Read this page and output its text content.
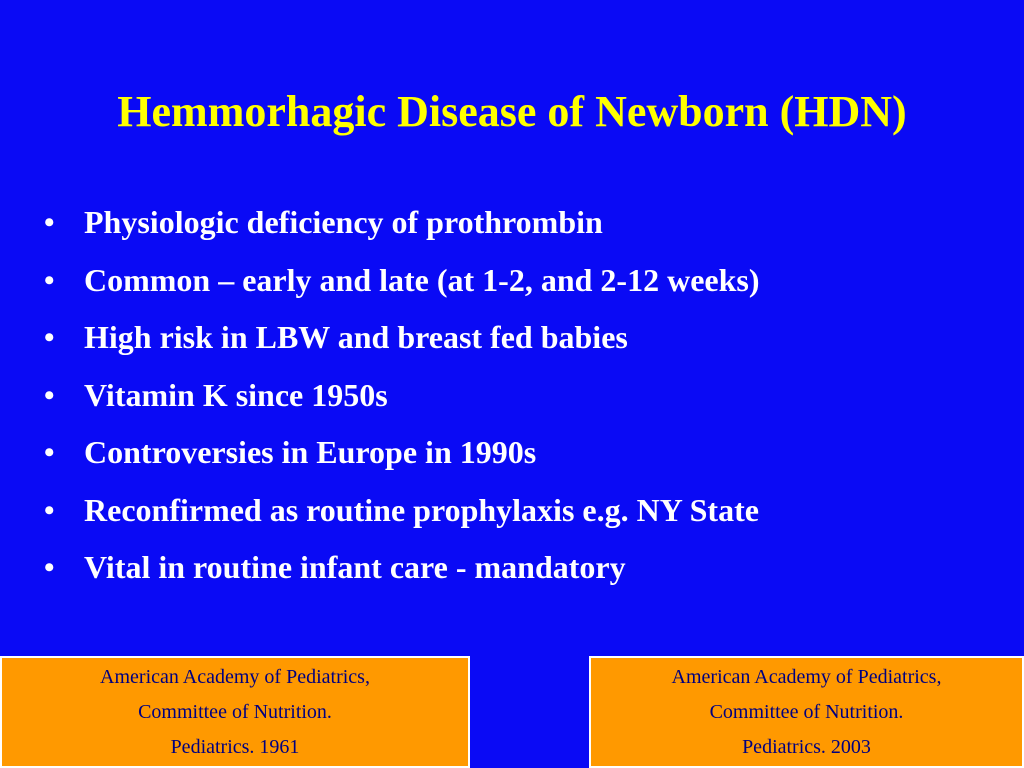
Hemmorhagic Disease of Newborn (HDN)
• Physiologic deficiency of prothrombin
• Common – early and late (at 1-2, and 2-12 weeks)
• High risk in LBW and breast fed babies
• Vitamin K since 1950s
• Controversies in Europe in 1990s
• Reconfirmed as routine prophylaxis e.g. NY State
• Vital in routine infant care - mandatory
American Academy of Pediatrics,
Committee of Nutrition.
Pediatrics. 1961
American Academy of Pediatrics,
Committee of Nutrition.
Pediatrics. 2003
